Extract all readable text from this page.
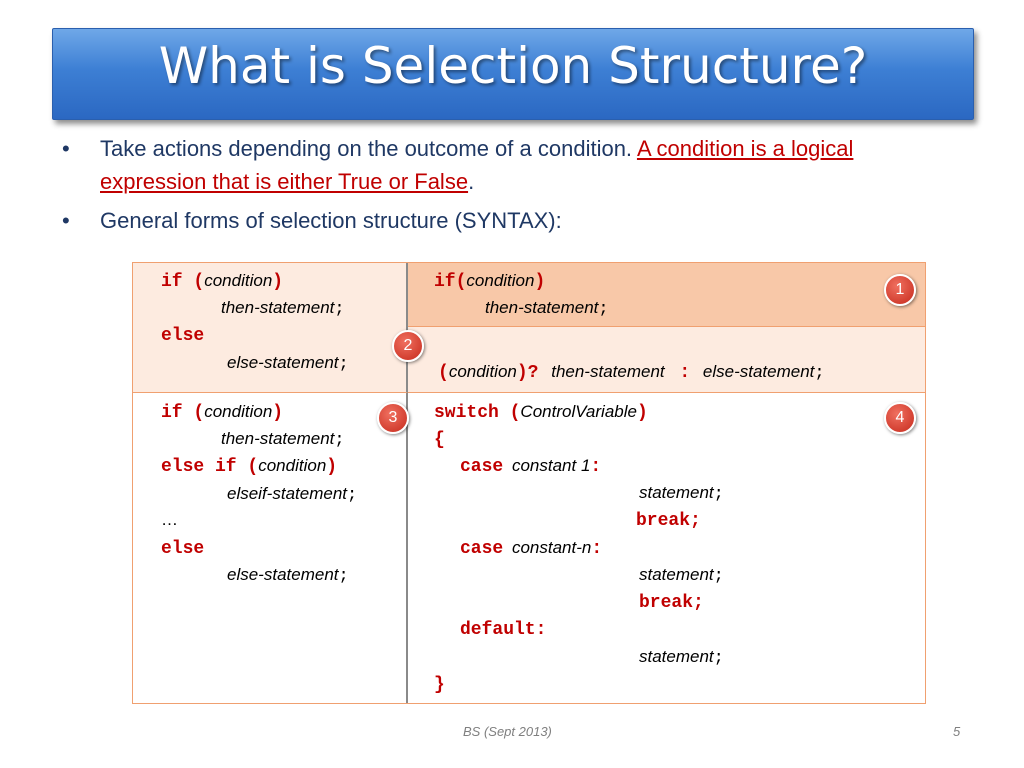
What is Selection Structure?
• Take actions depending on the outcome of a condition. A condition is a logical expression that is either True or False.
• General forms of selection structure (SYNTAX):
if (condition)
then-statement;
else
else-statement;
if(condition)
then-statement;
(condition)? then-statement : else-statement;
if (condition)
then-statement;
else if (condition)
elseif-statement;
…
else
else-statement;
switch (ControlVariable)
{
case constant 1:
statement;
break;
case constant-n:
statement;
break;
default:
statement;
}
1
2
3	4
BS (Sept 2013)	5
